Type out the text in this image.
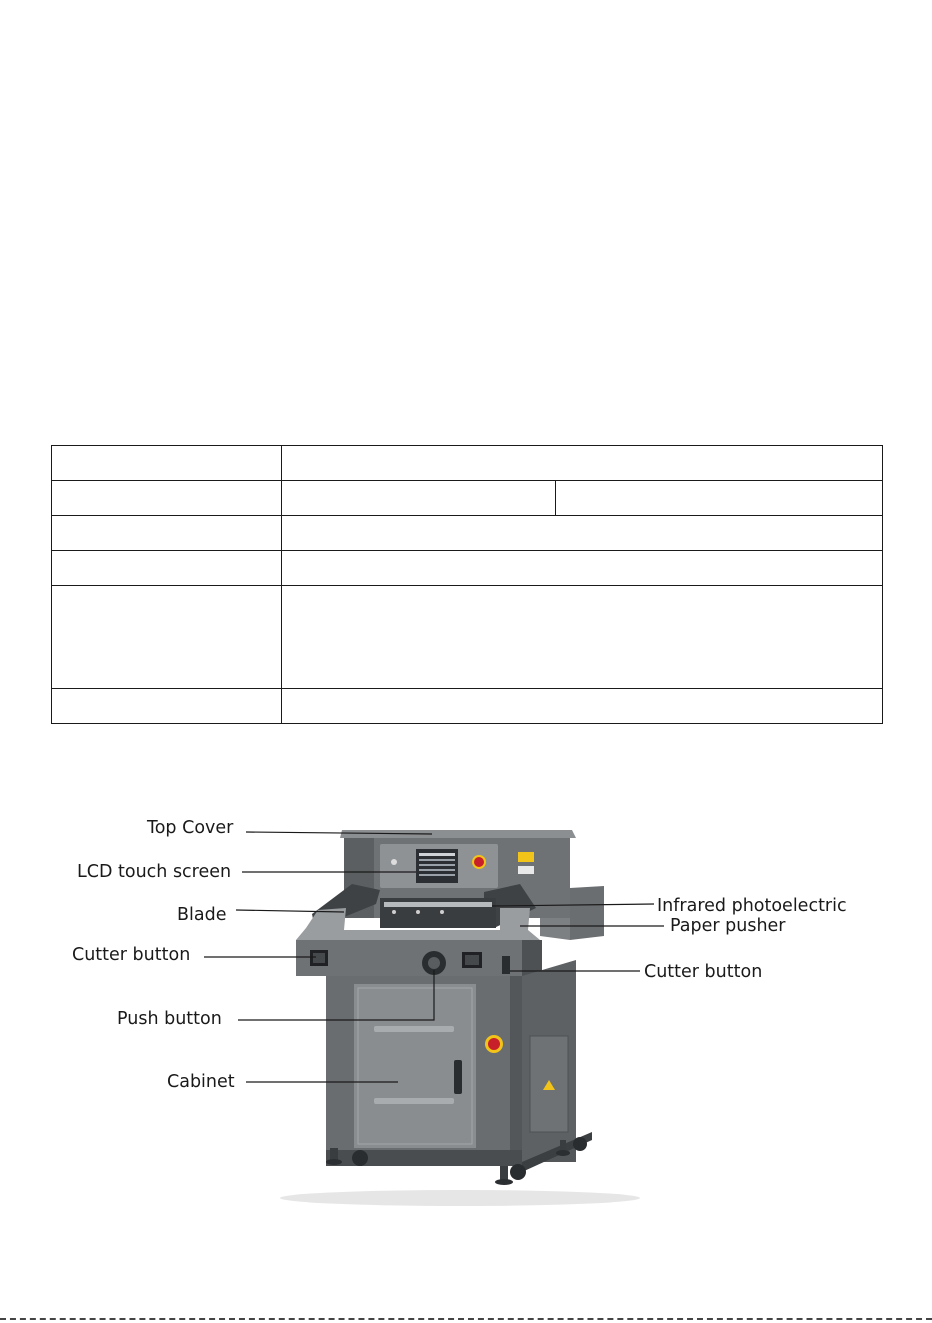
Top Cover
LCD touch screen
Blade
Cutter button
Push button
Cabinet
Infrared photoelectric
Paper pusher
Cutter button
